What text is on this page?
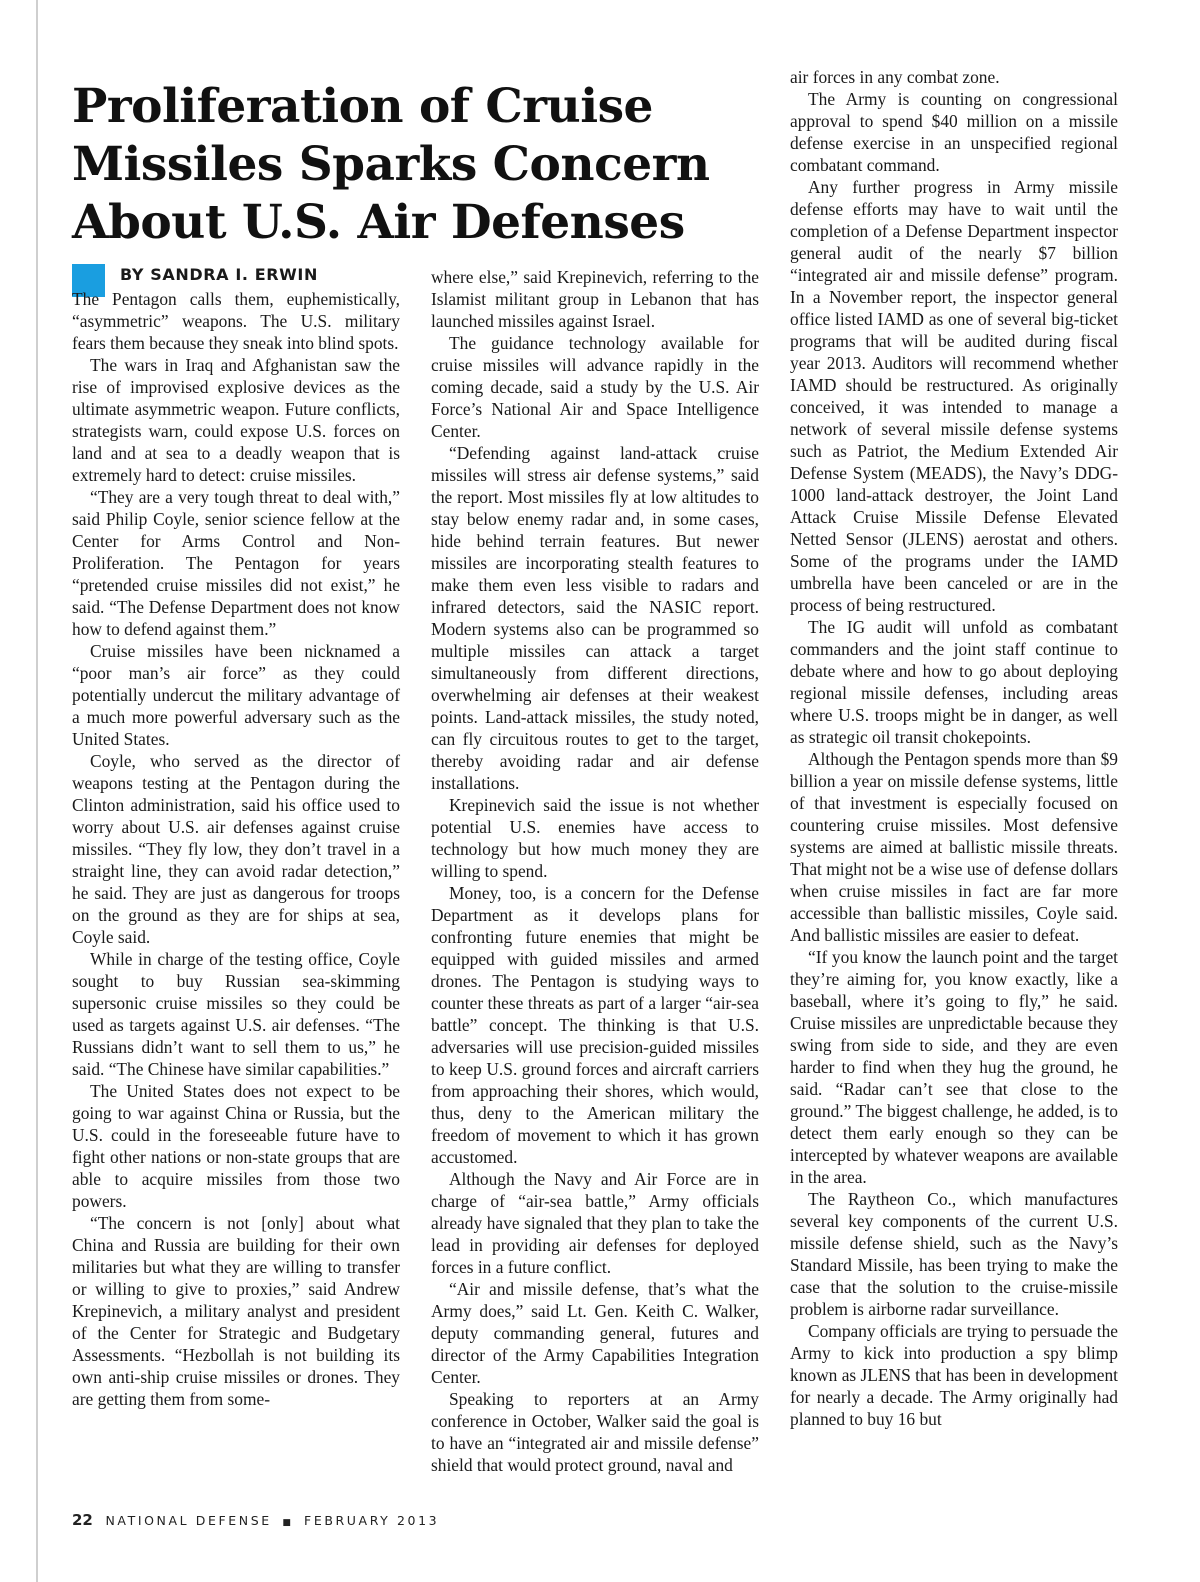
Proliferation of Cruise
Missiles Sparks Concern
About U.S. Air Defenses
BY SANDRA I. ERWIN

The Pentagon calls them, euphemistically, “asymmetric” weapons. The U.S. military fears them because they sneak into blind spots.

The wars in Iraq and Afghanistan saw the rise of improvised explosive devices as the ultimate asymmetric weapon. Future conflicts, strategists warn, could expose U.S. forces on land and at sea to a deadly weapon that is extremely hard to detect: cruise missiles.

“They are a very tough threat to deal with,” said Philip Coyle, senior science fellow at the Center for Arms Control and Non-Proliferation. The Pentagon for years “pretended cruise missiles did not exist,” he said. “The Defense Department does not know how to defend against them.”

Cruise missiles have been nicknamed a “poor man’s air force” as they could potentially undercut the military advantage of a much more powerful adversary such as the United States.

Coyle, who served as the director of weapons testing at the Pentagon during the Clinton administration, said his office used to worry about U.S. air defenses against cruise missiles. “They fly low, they don’t travel in a straight line, they can avoid radar detection,” he said. They are just as dangerous for troops on the ground as they are for ships at sea, Coyle said.

While in charge of the testing office, Coyle sought to buy Russian sea-skimming supersonic cruise missiles so they could be used as targets against U.S. air defenses. “The Russians didn’t want to sell them to us,” he said. “The Chinese have similar capabilities.”

The United States does not expect to be going to war against China or Russia, but the U.S. could in the foreseeable future have to fight other nations or non-state groups that are able to acquire missiles from those two powers.

“The concern is not [only] about what China and Russia are building for their own militaries but what they are willing to transfer or willing to give to proxies,” said Andrew Krepinevich, a military analyst and president of the Center for Strategic and Budgetary Assessments. “Hezbollah is not building its own anti-ship cruise missiles or drones. They are getting them from some-

where else,” said Krepinevich, referring to the Islamist militant group in Lebanon that has launched missiles against Israel.

The guidance technology available for cruise missiles will advance rapidly in the coming decade, said a study by the U.S. Air Force’s National Air and Space Intelligence Center.

“Defending against land-attack cruise missiles will stress air defense systems,” said the report. Most missiles fly at low altitudes to stay below enemy radar and, in some cases, hide behind terrain features. But newer missiles are incorporating stealth features to make them even less visible to radars and infrared detectors, said the NASIC report. Modern systems also can be programmed so multiple missiles can attack a target simultaneously from different directions, overwhelming air defenses at their weakest points. Land-attack missiles, the study noted, can fly circuitous routes to get to the target, thereby avoiding radar and air defense installations.

Krepinevich said the issue is not whether potential U.S. enemies have access to technology but how much money they are willing to spend.

Money, too, is a concern for the Defense Department as it develops plans for confronting future enemies that might be equipped with guided missiles and armed drones. The Pentagon is studying ways to counter these threats as part of a larger “air-sea battle” concept. The thinking is that U.S. adversaries will use precision-guided missiles to keep U.S. ground forces and aircraft carriers from approaching their shores, which would, thus, deny to the American military the freedom of movement to which it has grown accustomed.

Although the Navy and Air Force are in charge of “air-sea battle,” Army officials already have signaled that they plan to take the lead in providing air defenses for deployed forces in a future conflict.

“Air and missile defense, that’s what the Army does,” said Lt. Gen. Keith C. Walker, deputy commanding general, futures and director of the Army Capabilities Integration Center.

Speaking to reporters at an Army conference in October, Walker said the goal is to have an “integrated air and missile defense” shield that would protect ground, naval and

air forces in any combat zone.

The Army is counting on congressional approval to spend $40 million on a missile defense exercise in an unspecified regional combatant command.

Any further progress in Army missile defense efforts may have to wait until the completion of a Defense Department inspector general audit of the nearly $7 billion “integrated air and missile defense” program. In a November report, the inspector general office listed IAMD as one of several big-ticket programs that will be audited during fiscal year 2013. Auditors will recommend whether IAMD should be restructured. As originally conceived, it was intended to manage a network of several missile defense systems such as Patriot, the Medium Extended Air Defense System (MEADS), the Navy’s DDG-1000 land-attack destroyer, the Joint Land Attack Cruise Missile Defense Elevated Netted Sensor (JLENS) aerostat and others. Some of the programs under the IAMD umbrella have been canceled or are in the process of being restructured.

The IG audit will unfold as combatant commanders and the joint staff continue to debate where and how to go about deploying regional missile defenses, including areas where U.S. troops might be in danger, as well as strategic oil transit chokepoints.

Although the Pentagon spends more than $9 billion a year on missile defense systems, little of that investment is especially focused on countering cruise missiles. Most defensive systems are aimed at ballistic missile threats. That might not be a wise use of defense dollars when cruise missiles in fact are far more accessible than ballistic missiles, Coyle said. And ballistic missiles are easier to defeat.

“If you know the launch point and the target they’re aiming for, you know exactly, like a baseball, where it’s going to fly,” he said. Cruise missiles are unpredictable because they swing from side to side, and they are even harder to find when they hug the ground, he said. “Radar can’t see that close to the ground.” The biggest challenge, he added, is to detect them early enough so they can be intercepted by whatever weapons are available in the area.

The Raytheon Co., which manufactures several key components of the current U.S. missile defense shield, such as the Navy’s Standard Missile, has been trying to make the case that the solution to the cruise-missile problem is airborne radar surveillance.

Company officials are trying to persuade the Army to kick into production a spy blimp known as JLENS that has been in development for nearly a decade. The Army originally had planned to buy 16 but

22 NATIONAL DEFENSE ■ FEBRUARY 2013
